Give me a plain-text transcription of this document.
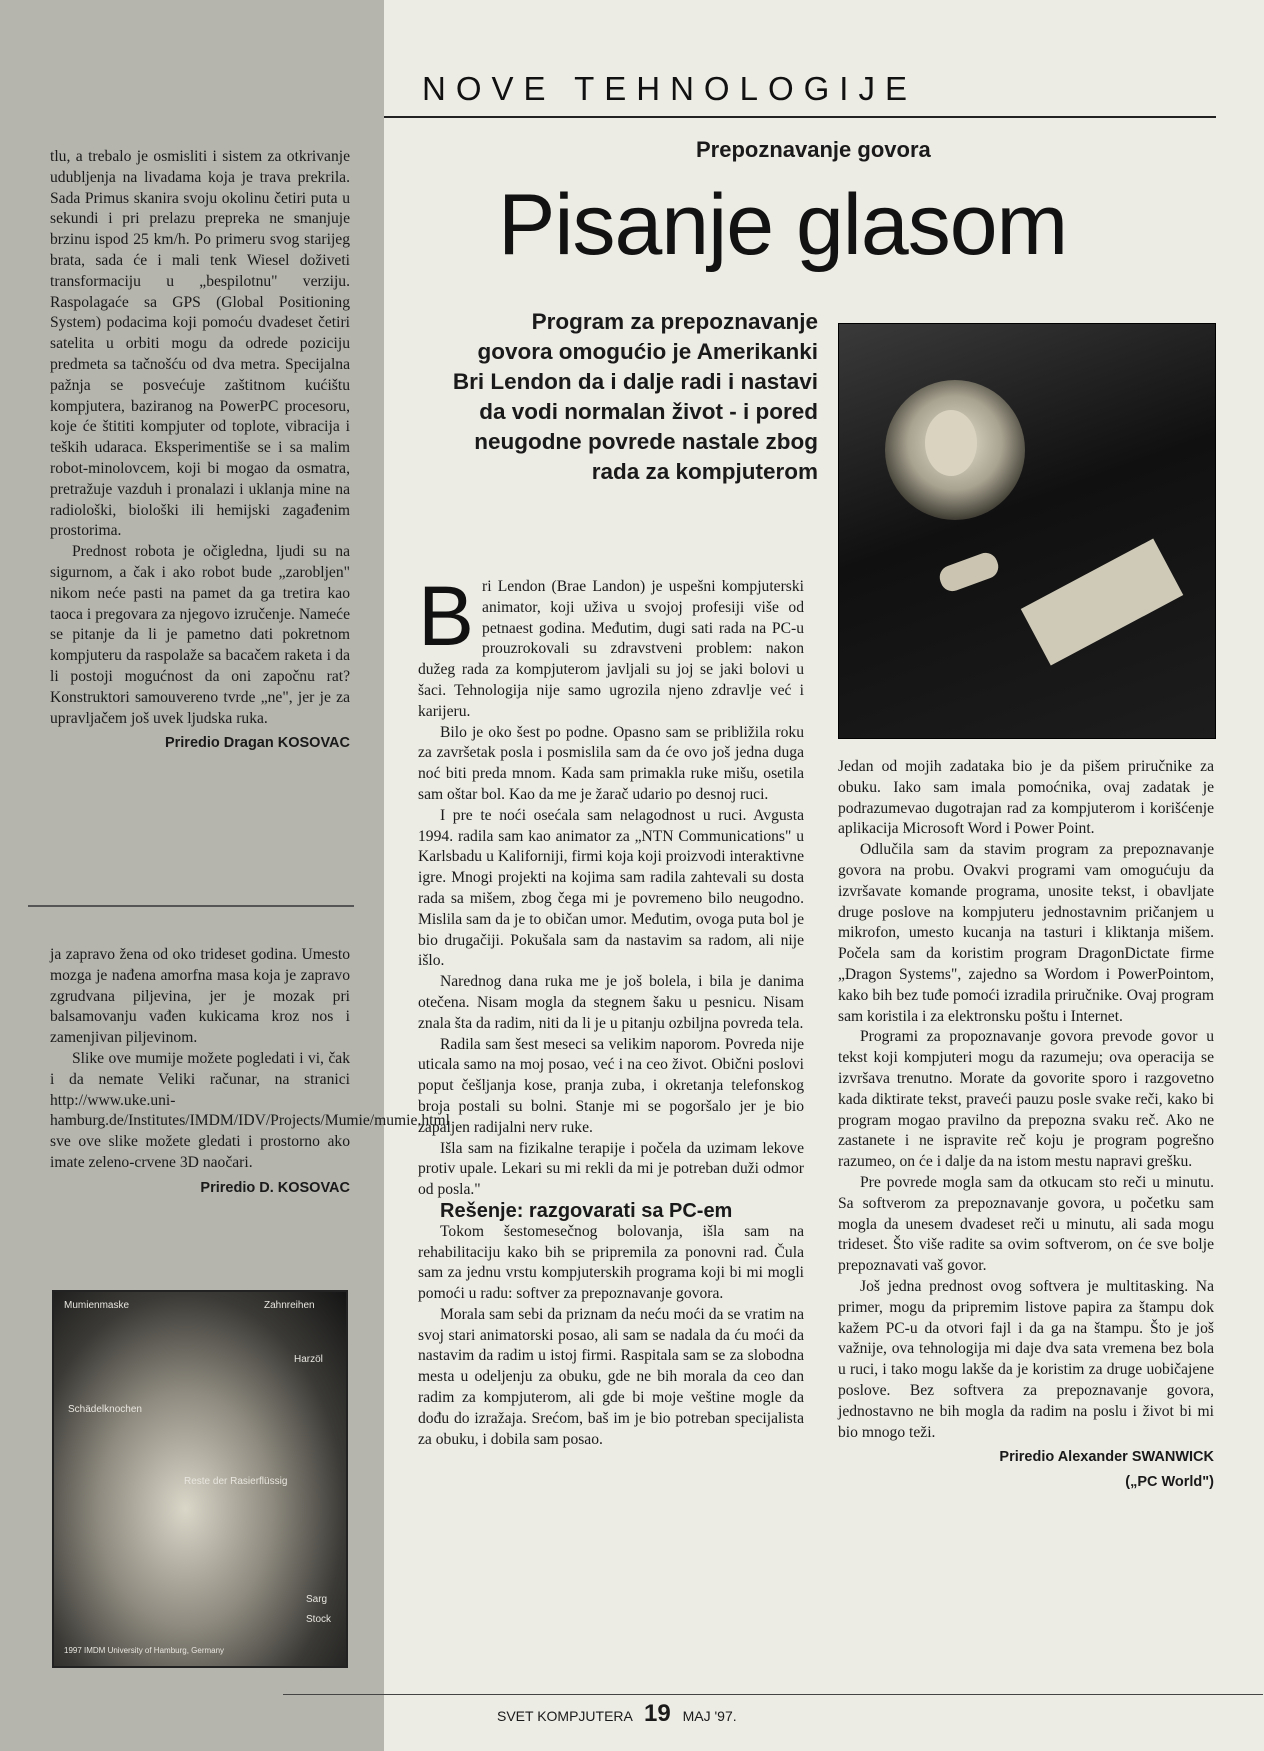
NOVE TEHNOLOGIJE

tlu, a trebalo je osmisliti i sistem za otkrivanje udubljenja na livadama koja je trava prekrila. Sada Primus skanira svoju okolinu četiri puta u sekundi i pri prelazu prepreka ne smanjuje brzinu ispod 25 km/h. Po primeru svog starijeg brata, sada će i mali tenk Wiesel doživeti transformaciju u „bespilotnu" verziju. Raspolagaće sa GPS (Global Positioning System) podacima koji pomoću dvadeset četiri satelita u orbiti mogu da odrede poziciju predmeta sa tačnošću od dva metra. Specijalna pažnja se posvećuje zaštitnom kućištu kompjutera, baziranog na PowerPC procesoru, koje će štititi kompjuter od toplote, vibracija i teških udaraca. Eksperimentiše se i sa malim robot-minolovcem, koji bi mogao da osmatra, pretražuje vazduh i pronalazi i uklanja mine na radiološki, biološki ili hemijski zagađenim prostorima.

Prednost robota je očigledna, ljudi su na sigurnom, a čak i ako robot bude „zarobljen" nikom neće pasti na pamet da ga tretira kao taoca i pregovara za njegovo izručenje. Nameće se pitanje da li je pametno dati pokretnom kompjuteru da raspolaže sa bacačem raketa i da li postoji mogućnost da oni započnu rat? Konstruktori samouvereno tvrde „ne", jer je za upravljačem još uvek ljudska ruka.

Priredio Dragan KOSOVAC

ja zapravo žena od oko trideset godina. Umesto mozga je nađena amorfna masa koja je zapravo zgrudvana piljevina, jer je mozak pri balsamovanju vađen kukicama kroz nos i zamenjivan piljevinom.

Slike ove mumije možete pogledati i vi, čak i da nemate Veliki računar, na stranici http://www.uke.uni-hamburg.de/Institutes/IMDM/IDV/Projects/Mumie/mumie.html sve ove slike možete gledati i prostorno ako imate zeleno-crvene 3D naočari.

Priredio D. KOSOVAC
Mumienmaske	Zahnreihen
Harzöl
Schädelknochen
Reste der Rasierflüssig
Sarg
Stock
1997 IMDM University of Hamburg, Germany
Prepoznavanje govora
Pisanje glasom
Program za prepoznavanje govora omogućio je Amerikanki Bri Lendon da i dalje radi i nastavi da vodi normalan život - i pored neugodne povrede nastale zbog rada za kompjuterom

Bri Lendon (Brae Landon) je uspešni kompjuterski animator, koji uživa u svojoj profesiji više od petnaest godina. Međutim, dugi sati rada na PC-u prouzrokovali su zdravstveni problem: nakon dužeg rada za kompjuterom javljali su joj se jaki bolovi u šaci. Tehnologija nije samo ugrozila njeno zdravlje već i karijeru.

Bilo je oko šest po podne. Opasno sam se približila roku za završetak posla i posmislila sam da će ovo još jedna duga noć biti preda mnom. Kada sam primakla ruke mišu, osetila sam oštar bol. Kao da me je žarač udario po desnoj ruci.

I pre te noći osećala sam nelagodnost u ruci. Avgusta 1994. radila sam kao animator za „NTN Communications" u Karlsbadu u Kaliforniji, firmi koja koji proizvodi interaktivne igre. Mnogi projekti na kojima sam radila zahtevali su dosta rada sa mišem, zbog čega mi je povremeno bilo neugodno. Mislila sam da je to običan umor. Međutim, ovoga puta bol je bio drugačiji. Pokušala sam da nastavim sa radom, ali nije išlo.

Narednog dana ruka me je još bolela, i bila je danima otečena. Nisam mogla da stegnem šaku u pesnicu. Nisam znala šta da radim, niti da li je u pitanju ozbiljna povreda tela.

Radila sam šest meseci sa velikim naporom. Povreda nije uticala samo na moj posao, već i na ceo život. Obični poslovi poput češljanja kose, pranja zuba, i okretanja telefonskog broja postali su bolni. Stanje mi se pogoršalo jer je bio zapaljen radijalni nerv ruke.

Išla sam na fizikalne terapije i počela da uzimam lekove protiv upale. Lekari su mi rekli da mi je potreban duži odmor od posla."

Rešenje: razgovarati sa PC-em

Tokom šestomesečnog bolovanja, išla sam na rehabilitaciju kako bih se pripremila za ponovni rad. Čula sam za jednu vrstu kompjuterskih programa koji bi mi mogli pomoći u radu: softver za prepoznavanje govora.

Morala sam sebi da priznam da neću moći da se vratim na svoj stari animatorski posao, ali sam se nadala da ću moći da nastavim da radim u istoj firmi. Raspitala sam se za slobodna mesta u odeljenju za obuku, gde ne bih morala da ceo dan radim za kompjuterom, ali gde bi moje veštine mogle da dođu do izražaja. Srećom, baš im je bio potreban specijalista za obuku, i dobila sam posao.

Jedan od mojih zadataka bio je da pišem priručnike za obuku. Iako sam imala pomoćnika, ovaj zadatak je podrazumevao dugotrajan rad za kompjuterom i korišćenje aplikacija Microsoft Word i Power Point.

Odlučila sam da stavim program za prepoznavanje govora na probu. Ovakvi programi vam omogućuju da izvršavate komande programa, unosite tekst, i obavljate druge poslove na kompjuteru jednostavnim pričanjem u mikrofon, umesto kucanja na tasturi i kliktanja mišem. Počela sam da koristim program DragonDictate firme „Dragon Systems", zajedno sa Wordom i PowerPointom, kako bih bez tuđe pomoći izradila priručnike. Ovaj program sam koristila i za elektronsku poštu i Internet.

Programi za propoznavanje govora prevode govor u tekst koji kompjuteri mogu da razumeju; ova operacija se izvršava trenutno. Morate da govorite sporo i razgovetno kada diktirate tekst, praveći pauzu posle svake reči, kako bi program mogao pravilno da prepozna svaku reč. Ako ne zastanete i ne ispravite reč koju je program pogrešno razumeo, on će i dalje da na istom mestu napravi grešku.

Pre povrede mogla sam da otkucam sto reči u minutu. Sa softverom za prepoznavanje govora, u početku sam mogla da unesem dvadeset reči u minutu, ali sada mogu trideset. Što više radite sa ovim softverom, on će sve bolje prepoznavati vaš govor.

Još jedna prednost ovog softvera je multitasking. Na primer, mogu da pripremim listove papira za štampu dok kažem PC-u da otvori fajl i da ga na štampu. Što je još važnije, ova tehnologija mi daje dva sata vremena bez bola u ruci, i tako mogu lakše da je koristim za druge uobičajene poslove. Bez softvera za prepoznavanje govora, jednostavno ne bih mogla da radim na poslu i život bi mi bio mnogo teži.

Priredio Alexander SWANWICK
(„PC World")
SVET KOMPJUTERA 19 MAJ '97.
